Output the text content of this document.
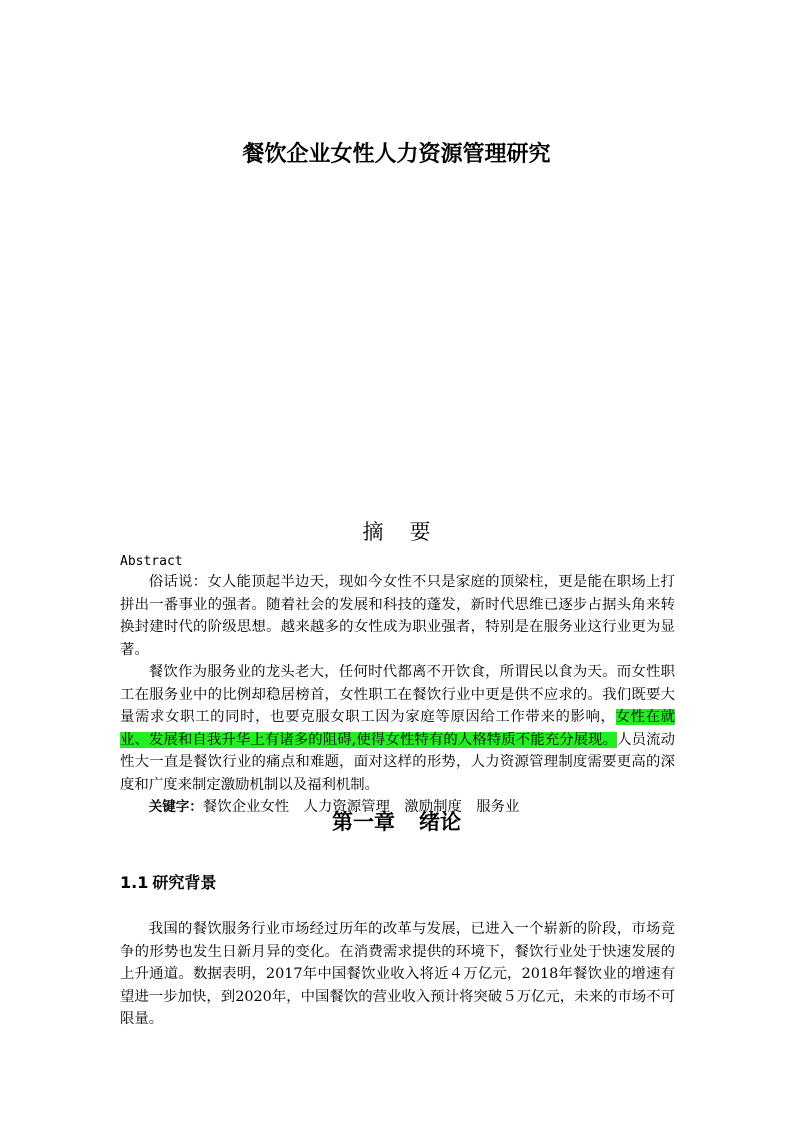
餐饮企业女性人力资源管理研究
摘要
Abstract

俗话说：女人能顶起半边天，现如今女性不只是家庭的顶梁柱，更是能在职场上打拼出一番事业的强者。随着社会的发展和科技的蓬发，新时代思维已逐步占据头角来转换封建时代的阶级思想。越来越多的女性成为职业强者，特别是在服务业这行业更为显著。

餐饮作为服务业的龙头老大，任何时代都离不开饮食，所谓民以食为天。而女性职工在服务业中的比例却稳居榜首，女性职工在餐饮行业中更是供不应求的。我们既要大量需求女职工的同时，也要克服女职工因为家庭等原因给工作带来的影响，女性在就业、发展和自我升华上有诸多的阻碍,使得女性特有的人格特质不能充分展现。人员流动性大一直是餐饮行业的痛点和难题，面对这样的形势，人力资源管理制度需要更高的深度和广度来制定激励机制以及福利机制。

关键字：餐饮企业女性 人力资源管理 激励制度 服务业

第一章 绪论
1.1 研究背景

我国的餐饮服务行业市场经过历年的改革与发展，已进入一个崭新的阶段，市场竞争的形势也发生日新月异的变化。在消费需求提供的环境下，餐饮行业处于快速发展的上升通道。数据表明，2017年中国餐饮业收入将近４万亿元，2018年餐饮业的增速有望进一步加快，到2020年，中国餐饮的营业收入预计将突破５万亿元，未来的市场不可限量。
